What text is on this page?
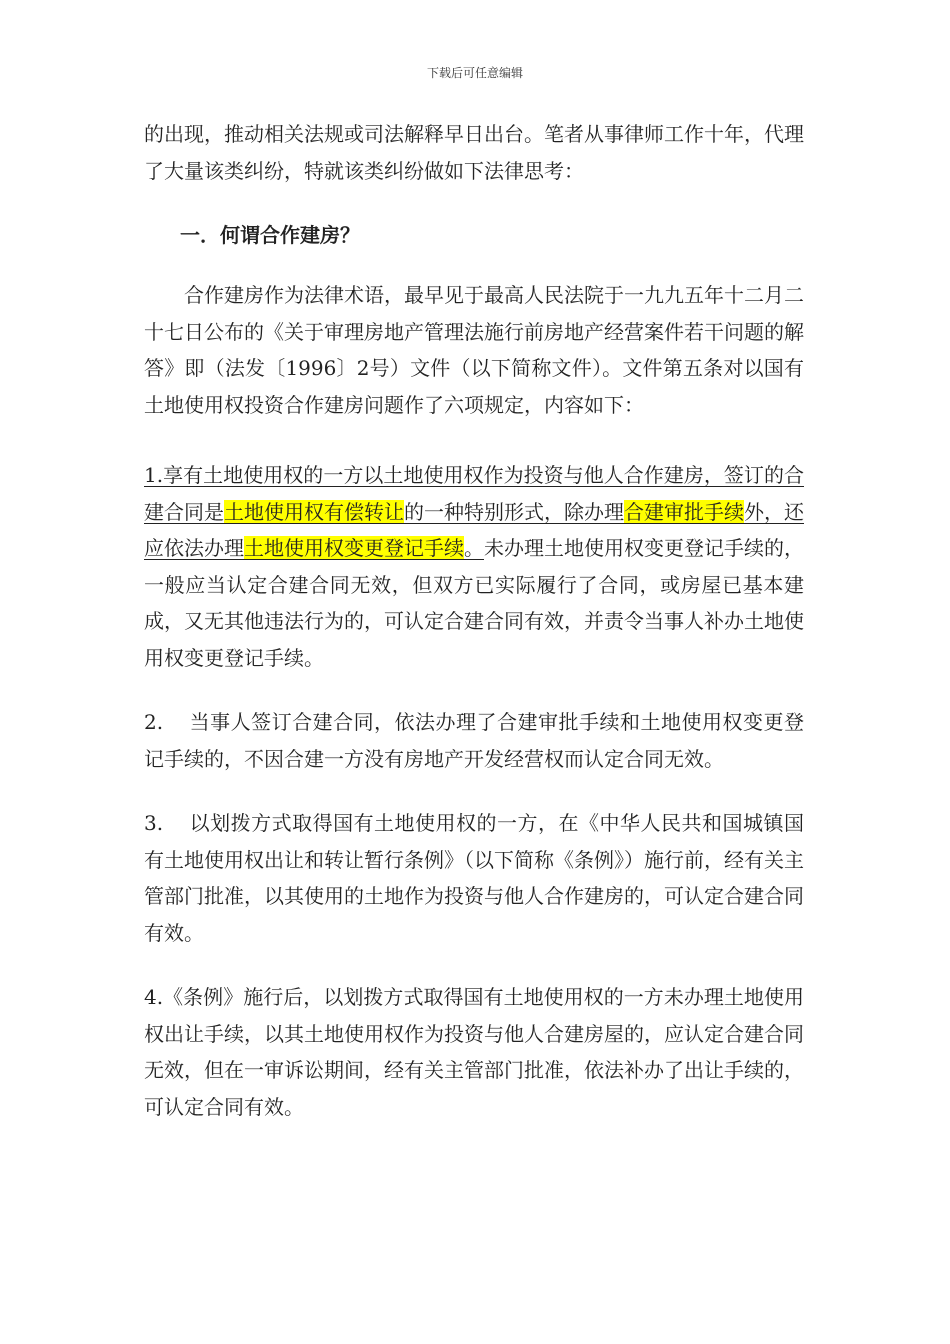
下载后可任意编辑

的出现，推动相关法规或司法解释早日出台。笔者从事律师工作十年，代理了大量该类纠纷，特就该类纠纷做如下法律思考：

一．何谓合作建房？

合作建房作为法律术语，最早见于最高人民法院于一九九五年十二月二 十七日公布的《关于审理房地产管理法施行前房地产经营案件若干问题的解答》即（法发〔1996〕2号）文件（以下简称文件）。文件第五条对以国有土地使用权投资合作建房问题作了六项规定，内容如下：

1.享有土地使用权的一方以土地使用权作为投资与他人合作建房，签订的合建合同是土地使用权有偿转让的一种特别形式，除办理合建审批手续外，还应依法办理土地使用权变更登记手续。未办理土地使用权变更登记手续的，一般应当认定合建合同无效，但双方已实际履行了合同，或房屋已基本建成，又无其他违法行为的，可认定合建合同有效，并责令当事人补办土地使用权变更登记手续。

2. 当事人签订合建合同，依法办理了合建审批手续和土地使用权变更登记手续的，不因合建一方没有房地产开发经营权而认定合同无效。

3. 以划拨方式取得国有土地使用权的一方，在《中华人民共和国城镇国有土地使用权出让和转让暂行条例》（以下简称《条例》）施行前，经有关主管部门批准，以其使用的土地作为投资与他人合作建房的，可认定合建合同有效。

4.《条例》施行后，以划拨方式取得国有土地使用权的一方未办理土地使用权出让手续，以其土地使用权作为投资与他人合建房屋的，应认定合建合同无效，但在一审诉讼期间，经有关主管部门批准，依法补办了出让手续的，可认定合同有效。
